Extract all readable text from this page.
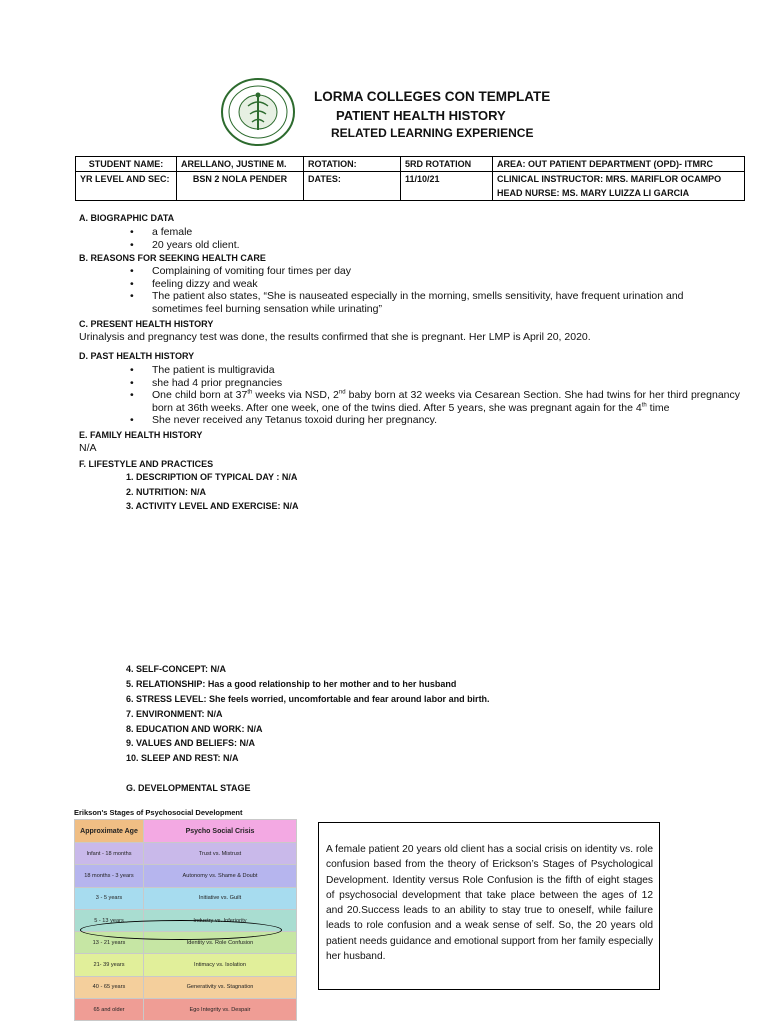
LORMA COLLEGES CON TEMPLATE
PATIENT HEALTH HISTORY
RELATED LEARNING EXPERIENCE
STUDENT NAME:	ARELLANO, JUSTINE M.	ROTATION:	5RD ROTATION	AREA: OUT PATIENT DEPARTMENT (OPD)- ITMRC
YR LEVEL AND SEC:	BSN 2 NOLA PENDER	DATES:	11/10/21	CLINICAL INSTRUCTOR: MRS. MARIFLOR OCAMPO
				HEAD NURSE: MS. MARY LUIZZA LI GARCIA
A. BIOGRAPHIC DATA
• a female
• 20 years old client.
B. REASONS FOR SEEKING HEALTH CARE
• Complaining of vomiting four times per day
• feeling dizzy and weak
• The patient also states, “She is nauseated especially in the morning, smells sensitivity, have frequent urination and sometimes feel burning sensation while urinating”
C. PRESENT HEALTH HISTORY
Urinalysis and pregnancy test was done, the results confirmed that she is pregnant. Her LMP is April 20, 2020.
D. PAST HEALTH HISTORY
• The patient is multigravida
• she had 4 prior pregnancies
• One child born at 37th weeks via NSD, 2nd baby born at 32 weeks via Cesarean Section. She had twins for her third pregnancy born at 36th weeks. After one week, one of the twins died. After 5 years, she was pregnant again for the 4th time
• She never received any Tetanus toxoid during her pregnancy.
E. FAMILY HEALTH HISTORY
N/A
F. LIFESTYLE AND PRACTICES
1. DESCRIPTION OF TYPICAL DAY : N/A
2. NUTRITION: N/A
3. ACTIVITY LEVEL AND EXERCISE: N/A
4. SELF-CONCEPT: N/A
5. RELATIONSHIP: Has a good relationship to her mother and to her husband
6. STRESS LEVEL: She feels worried, uncomfortable and fear around labor and birth.
7. ENVIRONMENT: N/A
8. EDUCATION AND WORK: N/A
9. VALUES AND BELIEFS: N/A
10. SLEEP AND REST: N/A
G. DEVELOPMENTAL STAGE
Erikson's Stages of Psychosocial Development
Approximate Age	Psycho Social Crisis
Infant - 18 months	Trust vs. Mistrust
18 months - 3 years	Autonomy vs. Shame & Doubt
3 - 5 years	Initiative vs. Guilt
5 - 13 years	Industry vs. Inferiority
13 - 21 years	Identity vs. Role Confusion
21- 39 years	Intimacy vs. Isolation
40 - 65 years	Generativity vs. Stagnation
65 and older	Ego Integrity vs. Despair

A female patient 20 years old client has a social crisis on identity vs. role confusion based from the theory of Erickson’s Stages of Psychological Development. Identity versus Role Confusion is the fifth of eight stages of psychosocial development that take place between the ages of 12 and 20.Success leads to an ability to stay true to oneself, while failure leads to role confusion and a weak sense of self. So, the 20 years old patient needs guidance and emotional support from her family especially her husband.
